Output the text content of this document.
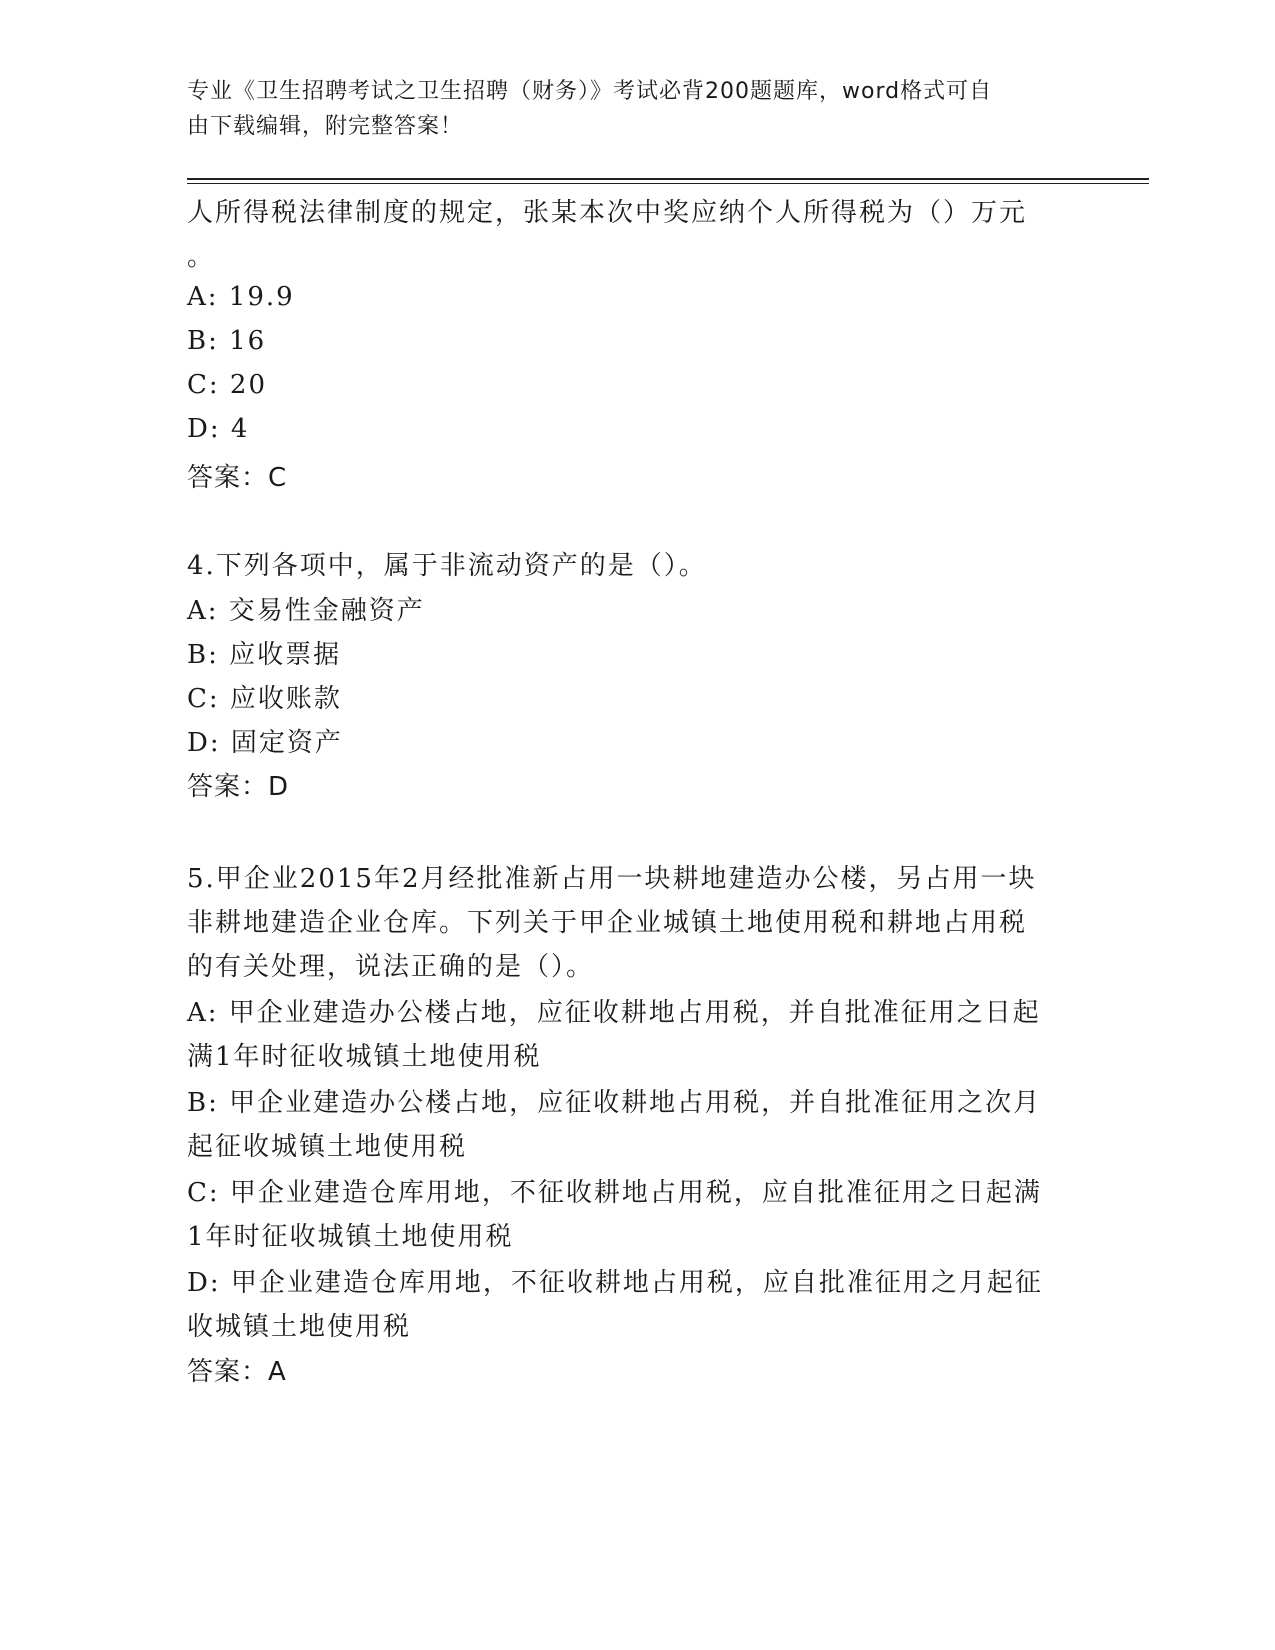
专业《卫生招聘考试之卫生招聘（财务）》考试必背200题题库，word格式可自
由下载编辑，附完整答案！
人所得税法律制度的规定，张某本次中奖应纳个人所得税为（）万元
。
A: 19.9
B: 16
C: 20
D: 4
答案：C
4.下列各项中，属于非流动资产的是（）。
A: 交易性金融资产
B: 应收票据
C: 应收账款
D: 固定资产
答案：D
5.甲企业2015年2月经批准新占用一块耕地建造办公楼，另占用一块
非耕地建造企业仓库。下列关于甲企业城镇土地使用税和耕地占用税
的有关处理，说法正确的是（）。
A: 甲企业建造办公楼占地，应征收耕地占用税，并自批准征用之日起
满1年时征收城镇土地使用税
B: 甲企业建造办公楼占地，应征收耕地占用税，并自批准征用之次月
起征收城镇土地使用税
C: 甲企业建造仓库用地，不征收耕地占用税，应自批准征用之日起满
1年时征收城镇土地使用税
D: 甲企业建造仓库用地，不征收耕地占用税，应自批准征用之月起征
收城镇土地使用税
答案：A
